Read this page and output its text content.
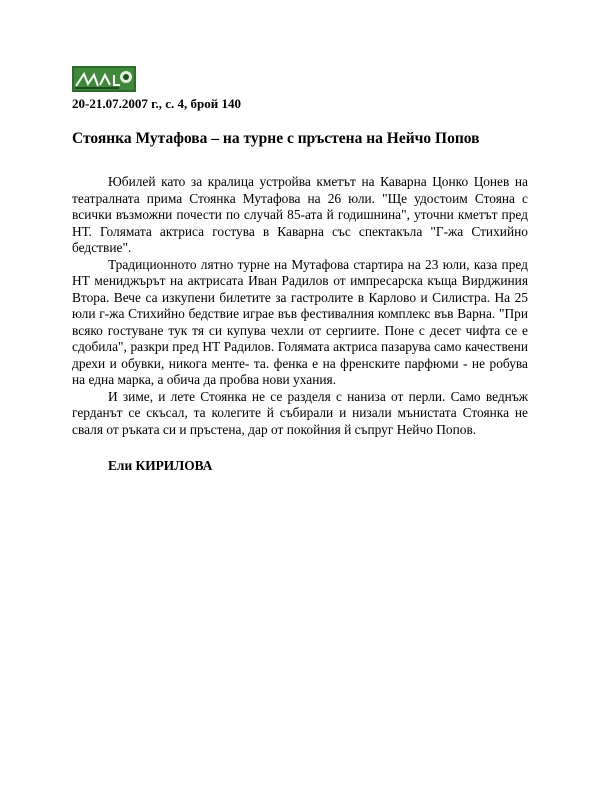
20-21.07.2007 г., с. 4, брой 140
Стоянка Мутафова – на турне с пръстена на Нейчо Попов

Юбилей като за кралица устройва кметът на Каварна Цонко Цонев на театралната прима Стоянка Мутафова на 26 юли. "Ще удостоим Стояна с всички възможни почести по случай 85-ата й годишнина", уточни кметът пред НТ. Голямата актриса гостува в Каварна със спектакъла "Г-жа Стихийно бедствие".

Традиционното лятно турне на Мутафова стартира на 23 юли, каза пред НТ мениджърът на актрисата Иван Радилов от импресарска къща Вирджиния Втора. Вече са изкупени билетите за гастролите в Карлово и Силистра. На 25 юли г-жа Стихийно бедствие играе във фестивалния комплекс във Варна. "При всяко гостуване тук тя си купува чехли от сергиите. Поне с десет чифта се е сдобила", разкри пред НТ Радилов. Голямата актриса пазарува само качествени дрехи и обувки, никога менте- та. фенка е на френските парфюми - не робува на една марка, а обича да пробва нови ухания.

И зиме, и лете Стоянка не се разделя с наниза от перли. Само веднъж герданът се скъсал, та колегите й събирали и низали мънистата Стоянка не сваля от ръката си и пръстена, дар от покойния й съпруг Нейчо Попов.

Ели КИРИЛОВА
